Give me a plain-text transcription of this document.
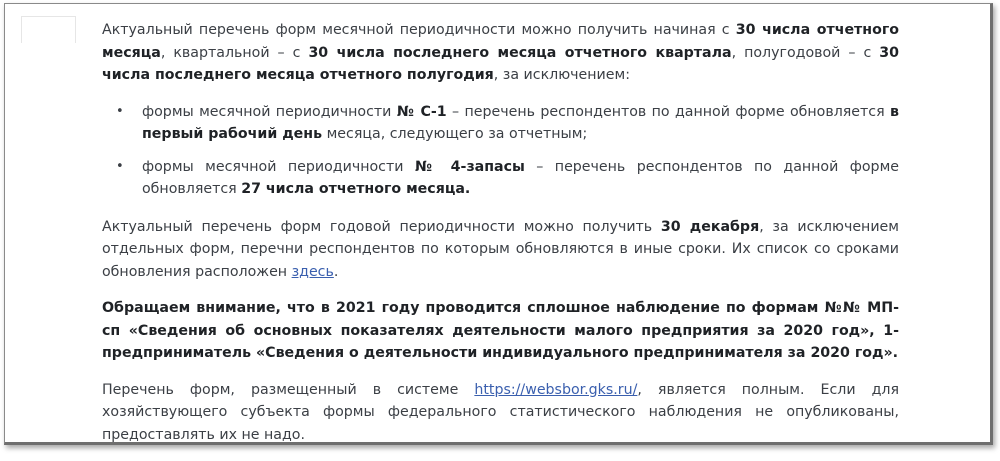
Актуальный перечень форм месячной периодичности можно получить начиная с 30 числа отчетного месяца, квартальной – с 30 числа последнего месяца отчетного квартала, полугодовой – с 30 числа последнего месяца отчетного полугодия, за исключением:

• формы месячной периодичности № С-1 – перечень респондентов по данной форме обновляется в первый рабочий день месяца, следующего за отчетным;
• формы месячной периодичности № 4-запасы – перечень респондентов по данной форме обновляется 27 числа отчетного месяца.

Актуальный перечень форм годовой периодичности можно получить 30 декабря, за исключением отдельных форм, перечни респондентов по которым обновляются в иные сроки. Их список со сроками обновления расположен здесь.

Обращаем внимание, что в 2021 году проводится сплошное наблюдение по формам №№ МП-сп «Сведения об основных показателях деятельности малого предприятия за 2020 год», 1-предприниматель «Сведения о деятельности индивидуального предпринимателя за 2020 год».

Перечень форм, размещенный в системе https://websbor.gks.ru/, является полным. Если для хозяйствующего субъекта формы федерального статистического наблюдения не опубликованы, предоставлять их не надо.
